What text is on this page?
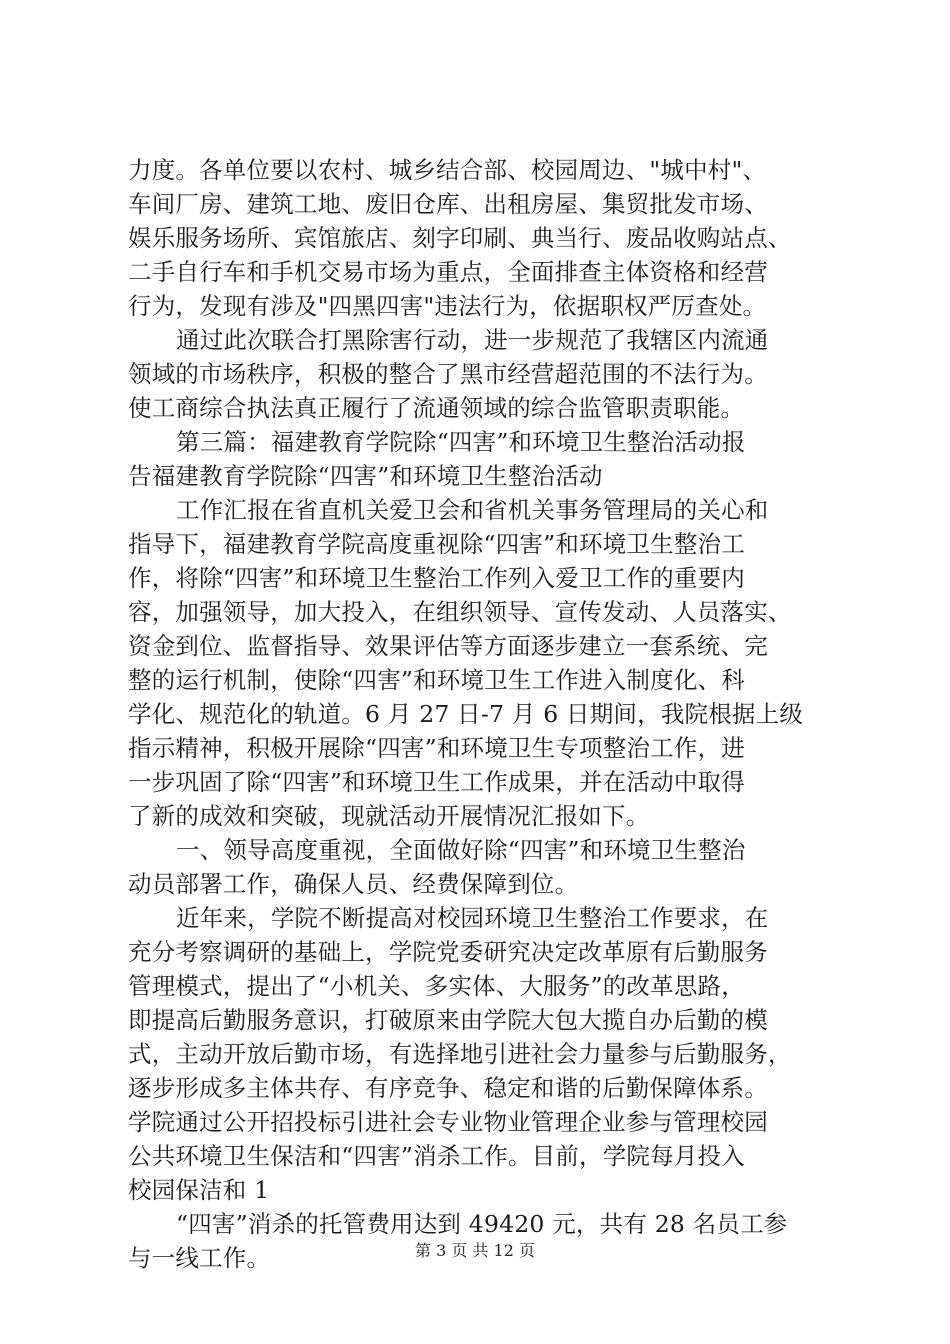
力度。各单位要以农村、城乡结合部、校园周边、"城中村"、
车间厂房、建筑工地、废旧仓库、出租房屋、集贸批发市场、
娱乐服务场所、宾馆旅店、刻字印刷、典当行、废品收购站点、
二手自行车和手机交易市场为重点，全面排查主体资格和经营
行为，发现有涉及"四黑四害"违法行为，依据职权严厉查处。
通过此次联合打黑除害行动，进一步规范了我辖区内流通
领域的市场秩序，积极的整合了黑市经营超范围的不法行为。
使工商综合执法真正履行了流通领域的综合监管职责职能。
第三篇：福建教育学院除“四害”和环境卫生整治活动报
告福建教育学院除“四害”和环境卫生整治活动
工作汇报在省直机关爱卫会和省机关事务管理局的关心和
指导下，福建教育学院高度重视除“四害”和环境卫生整治工
作，将除“四害”和环境卫生整治工作列入爱卫工作的重要内
容，加强领导，加大投入，在组织领导、宣传发动、人员落实、
资金到位、监督指导、效果评估等方面逐步建立一套系统、完
整的运行机制，使除“四害”和环境卫生工作进入制度化、科
学化、规范化的轨道。6 月 27 日-7 月 6 日期间，我院根据上级
指示精神，积极开展除“四害”和环境卫生专项整治工作，进
一步巩固了除“四害”和环境卫生工作成果，并在活动中取得
了新的成效和突破，现就活动开展情况汇报如下。
一、领导高度重视，全面做好除“四害”和环境卫生整治
动员部署工作，确保人员、经费保障到位。
近年来，学院不断提高对校园环境卫生整治工作要求，在
充分考察调研的基础上，学院党委研究决定改革原有后勤服务
管理模式，提出了“小机关、多实体、大服务”的改革思路，
即提高后勤服务意识，打破原来由学院大包大揽自办后勤的模
式，主动开放后勤市场，有选择地引进社会力量参与后勤服务，
逐步形成多主体共存、有序竞争、稳定和谐的后勤保障体系。
学院通过公开招投标引进社会专业物业管理企业参与管理校园
公共环境卫生保洁和“四害”消杀工作。目前，学院每月投入
校园保洁和 1
“四害”消杀的托管费用达到 49420 元，共有 28 名员工参
与一线工作。	第 3 页 共 12 页
